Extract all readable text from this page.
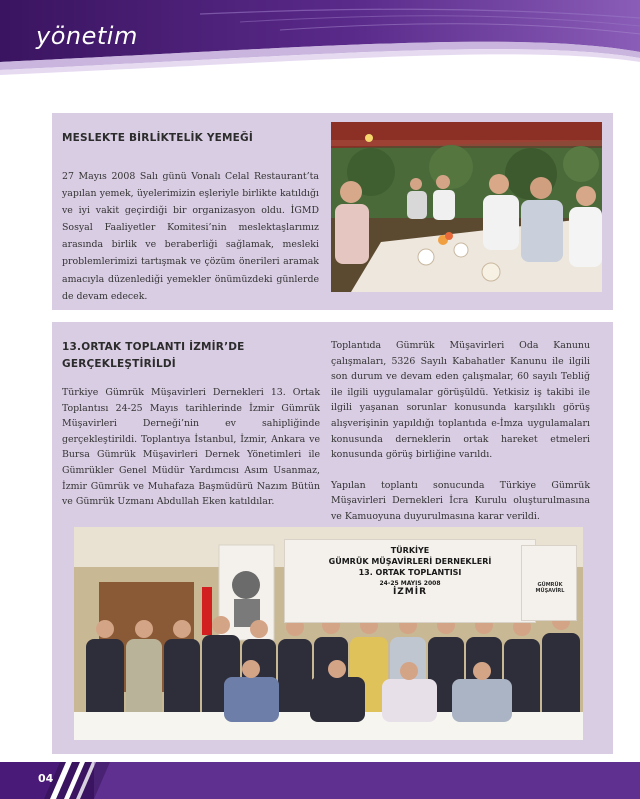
yönetim
MESLEKTE BİRLİKTELİK YEMEĞİ

27 Mayıs 2008 Salı günü Vonalı Celal Restaurant’ta yapılan yemek, üyelerimizin eşleriyle birlikte katıldığı ve iyi vakit geçirdiği bir organizasyon oldu. İGMD Sosyal Faaliyetler Komitesi’nin meslektaşlarımız arasında birlik ve beraberliği sağlamak, mesleki problemlerimizi tartışmak ve çözüm önerileri aramak amacıyla düzenlediği yemekler önümüzdeki günlerde de devam edecek.

13.ORTAK TOPLANTI İZMİR’DE GERÇEKLEŞTİRİLDİ

Türkiye Gümrük Müşavirleri Dernekleri 13. Ortak Toplantısı 24-25 Mayıs tarihlerinde İzmir Gümrük Müşavirleri Derneği’nin ev sahipliğinde gerçekleştirildi. Toplantıya İstanbul, İzmir, Ankara ve Bursa Gümrük Müşavirleri Dernek Yönetimleri ile Gümrükler Genel Müdür Yardımcısı Asım Usanmaz, İzmir Gümrük ve Muhafaza Başmüdürü Nazım Bütün ve Gümrük Uzmanı Abdullah Eken katıldılar.

Toplantıda Gümrük Müşavirleri Oda Kanunu çalışmaları, 5326 Sayılı Kabahatler Kanunu ile ilgili son durum ve devam eden çalışmalar, 60 sayılı Tebliğ ile ilgili uygulamalar görüşüldü. Yetkisiz iş takibi ile ilgili yaşanan sorunlar konusunda karşılıklı görüş alışverişinin yapıldığı toplantıda e-İmza uygulamaları konusunda derneklerin ortak hareket etmeleri konusunda görüş birliğine varıldı.

Yapılan toplantı sonucunda Türkiye Gümrük Müşavirleri Dernekleri İcra Kurulu oluşturulmasına ve Kamuoyuna duyurulmasına karar verildi.

TÜRKİYE
GÜMRÜK MÜŞAVİRLERİ DERNEKLERİ
13. ORTAK TOPLANTISI
24-25 MAYIS 2008
İZMİR
GÜMRÜK MÜŞAVİRL
04
